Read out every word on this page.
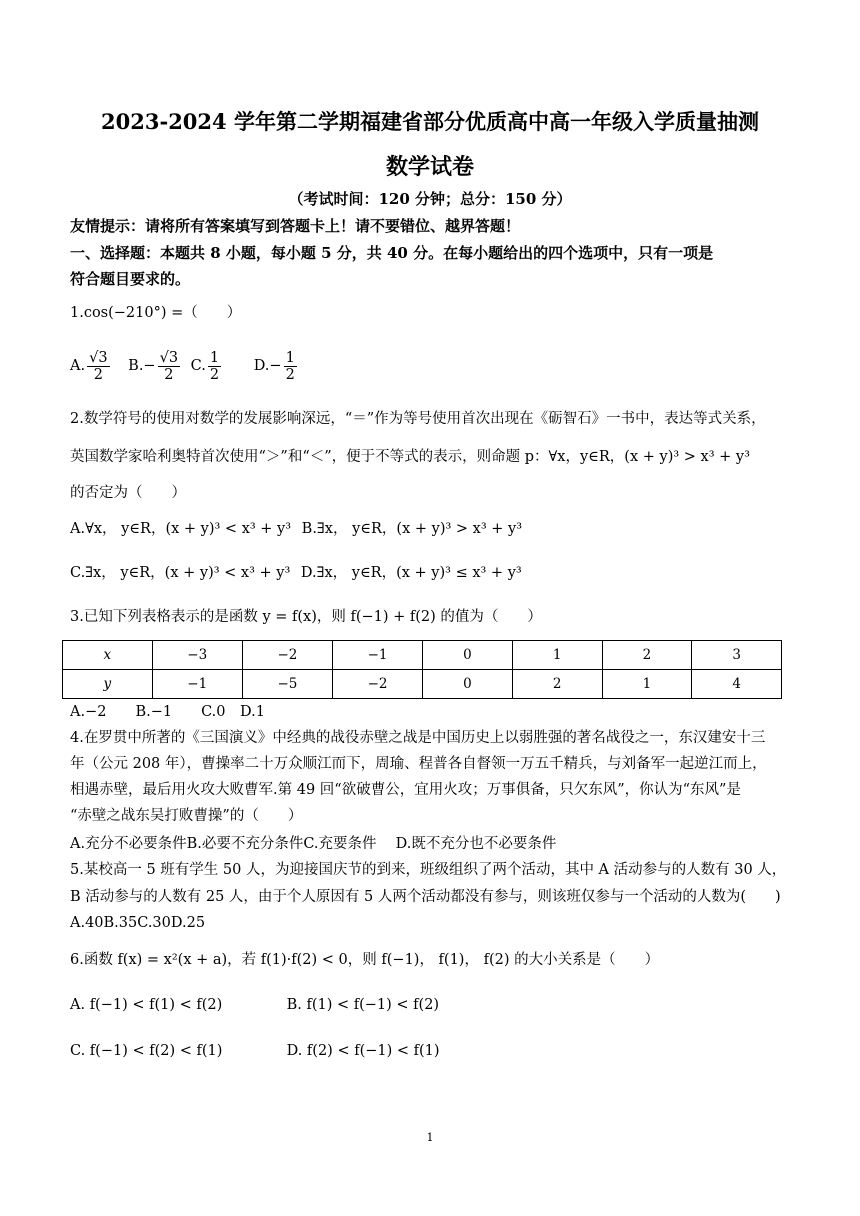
2023-2024 学年第二学期福建省部分优质高中高一年级入学质量抽测
数学试卷
（考试时间：120 分钟；总分：150 分）
友情提示：请将所有答案填写到答题卡上！请不要错位、越界答题！
一、选择题：本题共 8 小题，每小题 5 分，共 40 分。在每小题给出的四个选项中，只有一项是
符合题目要求的。
1.cos(−210°) =（　　）
A. $\frac{√3}{2} B.- \frac{√3}{2} C$. $\frac{1}{2} D.- \frac{1}{2}$
2.数学符号的使用对数学的发展影响深远，“＝”作为等号使用首次出现在《砺智石》一书中，表达等式关系，
英国数学家哈利奥特首次使用“＞”和“＜”，便于不等式的表示，则命题 p：∀x，y∈R，(x + y)³ > x³ + y³
的否定为（　　）
A.∀x， y∈R，(x + y)³ < x³ + y³ B.∃x， y∈R，(x + y)³ > x³ + y³
C.∃x， y∈R，(x + y)³ < x³ + y³ D.∃x， y∈R，(x + y)³ ≤ x³ + y³
3.已知下列表格表示的是函数 y = f(x)，则 f(−1) + f(2) 的值为（　　）
x	−3	−2	−1	0	1	2	3
y	−1	−5	−2	0	2	1	4
A.−2　　B.−1　　C.0　D.1
4.在罗贯中所著的《三国演义》中经典的战役赤壁之战是中国历史上以弱胜强的著名战役之一，东汉建安十三
年（公元 208 年），曹操率二十万众顺江而下，周瑜、程普各自督领一万五千精兵，与刘备军一起逆江而上，
相遇赤壁，最后用火攻大败曹军.第 49 回“欲破曹公，宜用火攻；万事俱备，只欠东风”，你认为“东风”是
“赤壁之战东吴打败曹操”的（　　）
A.充分不必要条件B.必要不充分条件C.充要条件　 D.既不充分也不必要条件
5.某校高一 5 班有学生 50 人，为迎接国庆节的到来，班级组织了两个活动，其中 A 活动参与的人数有 30 人，
B 活动参与的人数有 25 人，由于个人原因有 5 人两个活动都没有参与，则该班仅参与一个活动的人数为(　　)
A.40B.35C.30D.25
6.函数 f(x) = x²(x + a)，若 f(1)·f(2) < 0，则 f(−1)， f(1)， f(2) 的大小关系是（　　）
A. f(−1) < f(1) < f(2)	B. f(1) < f(−1) < f(2)
C. f(−1) < f(2) < f(1)	D. f(2) < f(−1) < f(1)
1
